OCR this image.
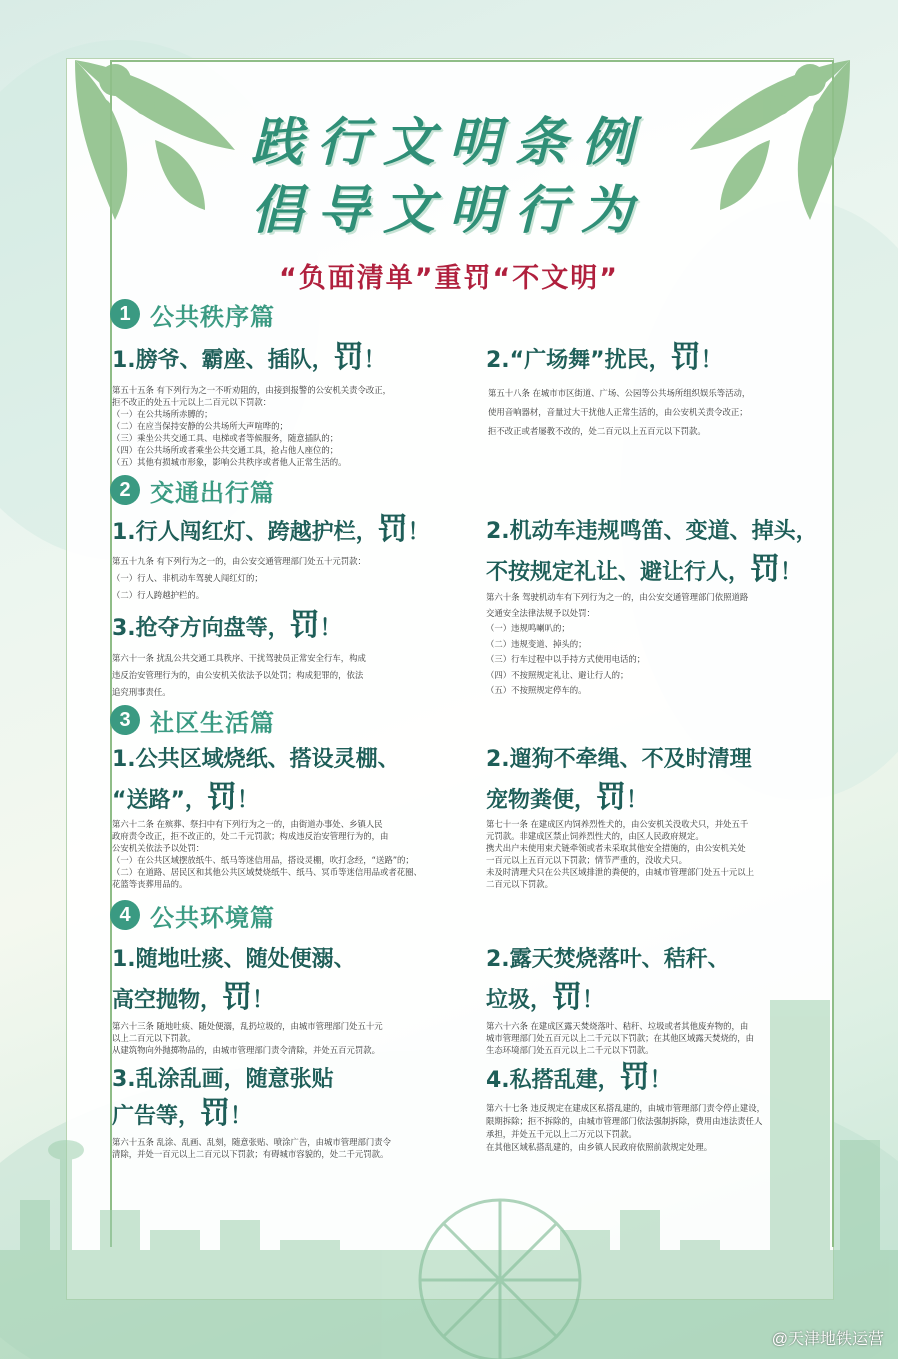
践行文明条例
倡导文明行为
“负面清单”重罚“不文明”
1 公共秩序篇
1.膀爷、霸座、插队，罚！

第五十五条 有下列行为之一不听劝阻的，由接到报警的公安机关责令改正，

拒不改正的处五十元以上二百元以下罚款：

（一）在公共场所赤膊的；

（二）在应当保持安静的公共场所大声喧哗的；

（三）乘坐公共交通工具、电梯或者等候服务，随意插队的；

（四）在公共场所或者乘坐公共交通工具，抢占他人座位的；

（五）其他有损城市形象，影响公共秩序或者他人正常生活的。

2.“广场舞”扰民，罚！

第五十八条 在城市市区街道、广场、公园等公共场所组织娱乐等活动，

使用音响器材，音量过大干扰他人正常生活的，由公安机关责令改正；

拒不改正或者屡教不改的，处二百元以上五百元以下罚款。

2 交通出行篇
1.行人闯红灯、跨越护栏，罚！

第五十九条 有下列行为之一的，由公安交通管理部门处五十元罚款：

（一）行人、非机动车驾驶人闯红灯的；

（二）行人跨越护栏的。

3.抢夺方向盘等，罚！

第六十一条 扰乱公共交通工具秩序、干扰驾驶员正常安全行车，构成

违反治安管理行为的，由公安机关依法予以处罚；构成犯罪的，依法

追究刑事责任。

2.机动车违规鸣笛、变道、掉头，
不按规定礼让、避让行人，罚！

第六十条 驾驶机动车有下列行为之一的，由公安交通管理部门依照道路

交通安全法律法规予以处罚：

（一）违规鸣喇叭的；

（二）违规变道、掉头的；

（三）行车过程中以手持方式使用电话的；

（四）不按照规定礼让、避让行人的；

（五）不按照规定停车的。

3 社区生活篇
1.公共区域烧纸、搭设灵棚、
“送路”，罚！

第六十二条 在殡葬、祭扫中有下列行为之一的，由街道办事处、乡镇人民

政府责令改正，拒不改正的，处二千元罚款；构成违反治安管理行为的，由

公安机关依法予以处罚：

（一）在公共区域摆放纸牛、纸马等迷信用品，搭设灵棚，吹打念经，“送路”的；

（二）在道路、居民区和其他公共区域焚烧纸牛、纸马、冥币等迷信用品或者花圈、

花篮等丧葬用品的。

2.遛狗不牵绳、不及时清理
宠物粪便，罚！

第七十一条 在建成区内饲养烈性犬的，由公安机关没收犬只，并处五千

元罚款。非建成区禁止饲养烈性犬的，由区人民政府规定。

携犬出户未使用束犬链牵领或者未采取其他安全措施的，由公安机关处

一百元以上五百元以下罚款；情节严重的，没收犬只。

未及时清理犬只在公共区域排泄的粪便的，由城市管理部门处五十元以上

二百元以下罚款。

4 公共环境篇
1.随地吐痰、随处便溺、
高空抛物，罚！

第六十三条 随地吐痰、随处便溺，乱扔垃圾的，由城市管理部门处五十元

以上二百元以下罚款。

从建筑物向外抛掷物品的，由城市管理部门责令清除，并处五百元罚款。

3.乱涂乱画，随意张贴
广告等，罚！

第六十五条 乱涂、乱画、乱刻，随意张贴、喷涂广告，由城市管理部门责令

清除，并处一百元以上二百元以下罚款；有碍城市容貌的，处二千元罚款。

2.露天焚烧落叶、秸秆、
垃圾，罚！

第六十六条 在建成区露天焚烧落叶、秸秆、垃圾或者其他废弃物的，由

城市管理部门处五百元以上二千元以下罚款；在其他区域露天焚烧的，由

生态环境部门处五百元以上二千元以下罚款。

4.私搭乱建，罚！

第六十七条 违反规定在建成区私搭乱建的，由城市管理部门责令停止建设，

限期拆除；拒不拆除的，由城市管理部门依法强制拆除，费用由违法责任人

承担，并处五千元以上二万元以下罚款。

在其他区域私搭乱建的，由乡镇人民政府依照前款规定处理。

@天津地铁运营
